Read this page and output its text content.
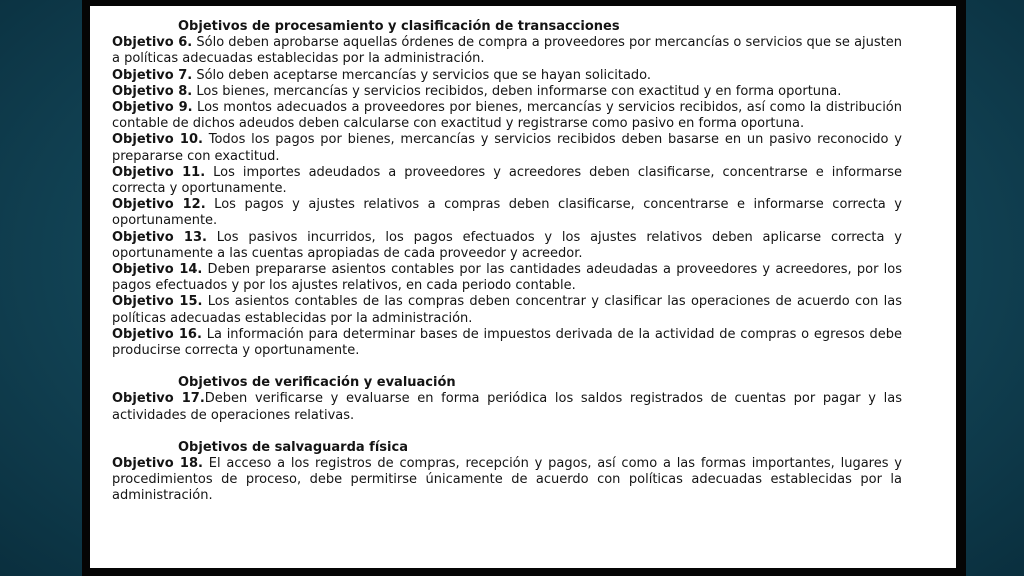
Objetivos de procesamiento y clasificación de transacciones
Objetivo 6. Sólo deben aprobarse aquellas órdenes de compra a proveedores por mercancías o servicios que se ajusten a políticas adecuadas establecidas por la administración.
Objetivo 7. Sólo deben aceptarse mercancías y servicios que se hayan solicitado.
Objetivo 8. Los bienes, mercancías y servicios recibidos, deben informarse con exactitud y en forma oportuna.
Objetivo 9. Los montos adecuados a proveedores por bienes, mercancías y servicios recibidos, así como la distribución contable de dichos adeudos deben calcularse con exactitud y registrarse como pasivo en forma oportuna.
Objetivo 10. Todos los pagos por bienes, mercancías y servicios recibidos deben basarse en un pasivo reconocido y prepararse con exactitud.
Objetivo 11. Los importes adeudados a proveedores y acreedores deben clasificarse, concentrarse e informarse correcta y oportunamente.
Objetivo 12. Los pagos y ajustes relativos a compras deben clasificarse, concentrarse e informarse correcta y oportunamente.
Objetivo 13. Los pasivos incurridos, los pagos efectuados y los ajustes relativos deben aplicarse correcta y oportunamente a las cuentas apropiadas de cada proveedor y acreedor.
Objetivo 14. Deben prepararse asientos contables por las cantidades adeudadas a proveedores y acreedores, por los pagos efectuados y por los ajustes relativos, en cada periodo contable.
Objetivo 15. Los asientos contables de las compras deben concentrar y clasificar las operaciones de acuerdo con las políticas adecuadas establecidas por la administración.
Objetivo 16. La información para determinar bases de impuestos derivada de la actividad de compras o egresos debe producirse correcta y oportunamente.
Objetivos de verificación y evaluación
Objetivo 17.Deben verificarse y evaluarse en forma periódica los saldos registrados de cuentas por pagar y las actividades de operaciones relativas.
Objetivos de salvaguarda física
Objetivo 18. El acceso a los registros de compras, recepción y pagos, así como a las formas importantes, lugares y procedimientos de proceso, debe permitirse únicamente de acuerdo con políticas adecuadas establecidas por la administración.
